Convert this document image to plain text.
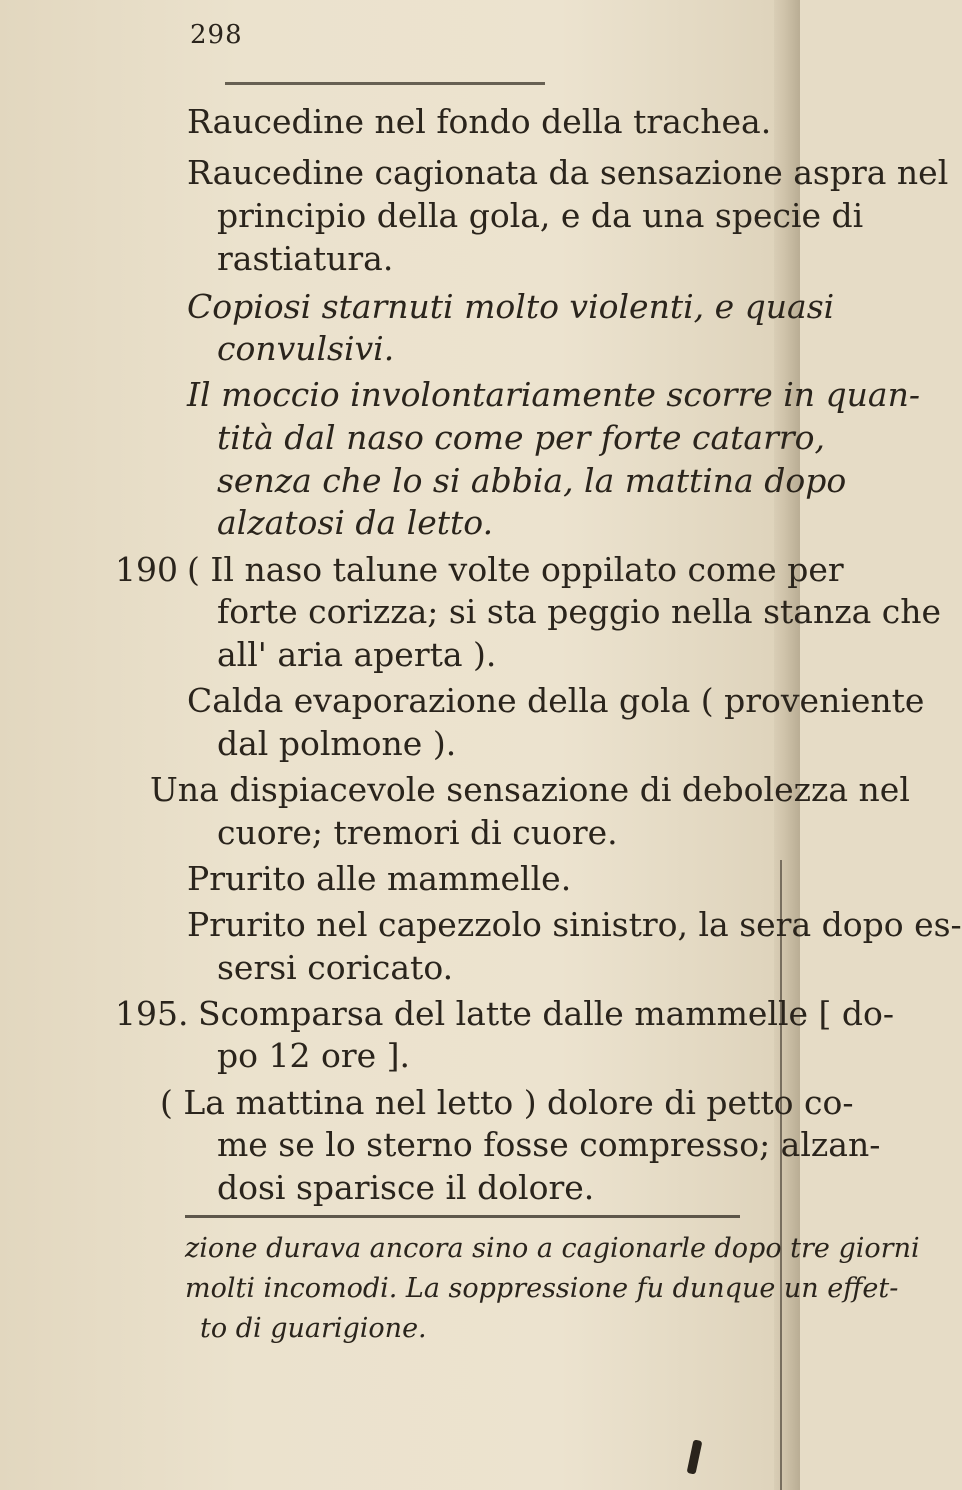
298
Raucedine nel fondo della trachea.
Raucedine cagionata da sensazione aspra nel
principio della gola, e da una specie di
rastiatura.
Copiosi starnuti molto violenti, e quasi
convulsivi.
Il moccio involontariamente scorre in quan-
tità dal naso come per forte catarro,
senza che lo si abbia, la mattina dopo
alzatosi da letto.
190 ( Il naso talune volte oppilato come per
forte corizza; si sta peggio nella stanza che
all' aria aperta ).
Calda evaporazione della gola ( proveniente
dal polmone ).
Una dispiacevole sensazione di debolezza nel
cuore; tremori di cuore.
Prurito alle mammelle.
Prurito nel capezzolo sinistro, la sera dopo es-
sersi coricato.
195. Scomparsa del latte dalle mammelle [ do-
po 12 ore ].
( La mattina nel letto ) dolore di petto co-
me se lo sterno fosse compresso; alzan-
dosi sparisce il dolore.
zione durava ancora sino a cagionarle dopo tre giorni
molti incomodi. La soppressione fu dunque un effet-
to di guarigione.
